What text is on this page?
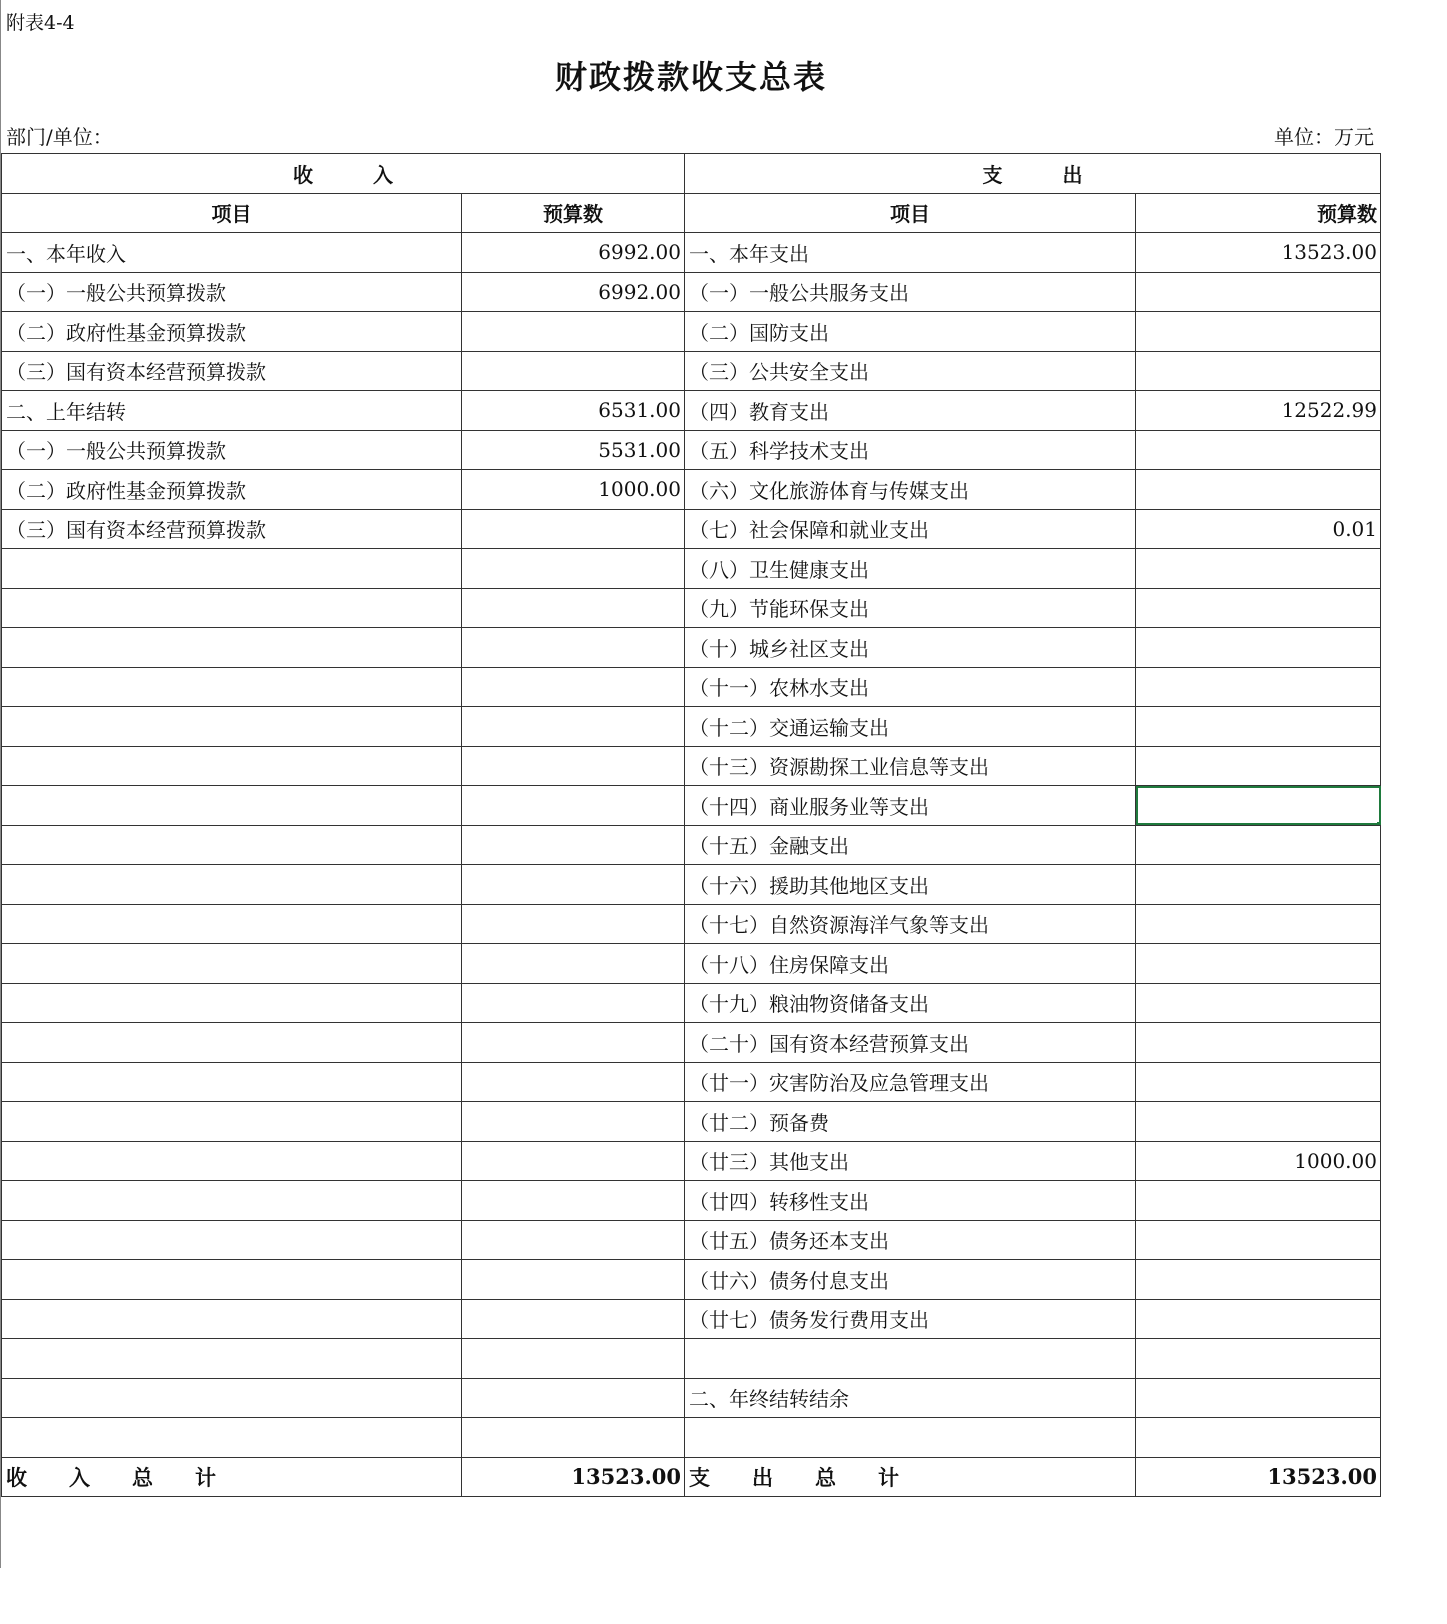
附表4-4
财政拨款收支总表
部门/单位：	单位：万元
收　　　入		支　　　出	
项目	预算数	项目	预算数
一、本年收入	6992.00	一、本年支出	13523.00
（一）一般公共预算拨款	6992.00	（一）一般公共服务支出	
（二）政府性基金预算拨款		（二）国防支出	
（三）国有资本经营预算拨款		（三）公共安全支出	
二、上年结转	6531.00	（四）教育支出	12522.99
（一）一般公共预算拨款	5531.00	（五）科学技术支出	
（二）政府性基金预算拨款	1000.00	（六）文化旅游体育与传媒支出	
（三）国有资本经营预算拨款		（七）社会保障和就业支出	0.01
		（八）卫生健康支出	
		（九）节能环保支出	
		（十）城乡社区支出	
		（十一）农林水支出	
		（十二）交通运输支出	
		（十三）资源勘探工业信息等支出	
		（十四）商业服务业等支出	

		（十五）金融支出	
		（十六）援助其他地区支出	
		（十七）自然资源海洋气象等支出	
		（十八）住房保障支出	
		（十九）粮油物资储备支出	
		（二十）国有资本经营预算支出	
		（廿一）灾害防治及应急管理支出	
		（廿二）预备费	
		（廿三）其他支出	1000.00
		（廿四）转移性支出	
		（廿五）债务还本支出	
		（廿六）债务付息支出	
		（廿七）债务发行费用支出	

		二、年终结转结余	

收　　入　　总　　计	13523.00	支　　出　　总　　计	13523.00
